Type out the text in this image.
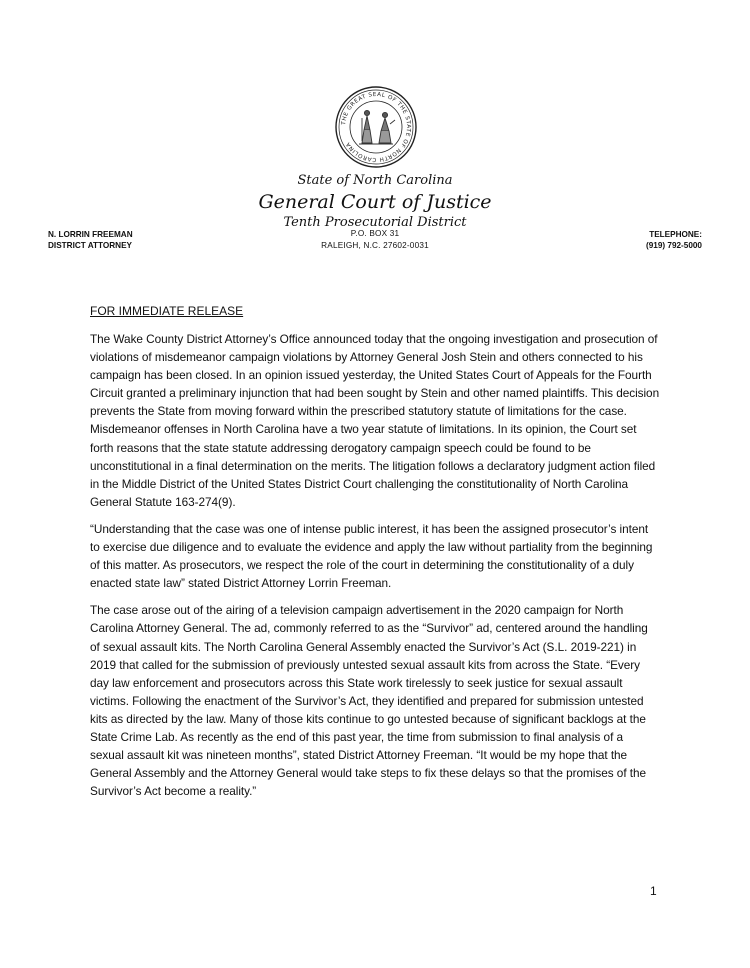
THE GREAT SEAL OF THE STATE OF NORTH CAROLINA
State of North Carolina
General Court of Justice
Tenth Prosecutorial District
P.O. BOX 31
RALEIGH, N.C. 27602-0031
N. LORRIN FREEMAN
DISTRICT ATTORNEY
TELEPHONE:
(919) 792-5000
FOR IMMEDIATE RELEASE

The Wake County District Attorney’s Office announced today that the ongoing investigation and prosecution of violations of misdemeanor campaign violations by Attorney General Josh Stein and others connected to his campaign has been closed. In an opinion issued yesterday, the United States Court of Appeals for the Fourth Circuit granted a preliminary injunction that had been sought by Stein and other named plaintiffs. This decision prevents the State from moving forward within the prescribed statutory statute of limitations for the case. Misdemeanor offenses in North Carolina have a two year statute of limitations. In its opinion, the Court set forth reasons that the state statute addressing derogatory campaign speech could be found to be unconstitutional in a final determination on the merits. The litigation follows a declaratory judgment action filed in the Middle District of the United States District Court challenging the constitutionality of North Carolina General Statute 163-274(9).

“Understanding that the case was one of intense public interest, it has been the assigned prosecutor’s intent to exercise due diligence and to evaluate the evidence and apply the law without partiality from the beginning of this matter. As prosecutors, we respect the role of the court in determining the constitutionality of a duly enacted state law” stated District Attorney Lorrin Freeman.

The case arose out of the airing of a television campaign advertisement in the 2020 campaign for North Carolina Attorney General. The ad, commonly referred to as the “Survivor” ad, centered around the handling of sexual assault kits. The North Carolina General Assembly enacted the Survivor’s Act (S.L. 2019-221) in 2019 that called for the submission of previously untested sexual assault kits from across the State. “Every day law enforcement and prosecutors across this State work tirelessly to seek justice for sexual assault victims. Following the enactment of the Survivor’s Act, they identified and prepared for submission untested kits as directed by the law. Many of those kits continue to go untested because of significant backlogs at the State Crime Lab. As recently as the end of this past year, the time from submission to final analysis of a sexual assault kit was nineteen months”, stated District Attorney Freeman. “It would be my hope that the General Assembly and the Attorney General would take steps to fix these delays so that the promises of the Survivor’s Act become a reality.”

1
